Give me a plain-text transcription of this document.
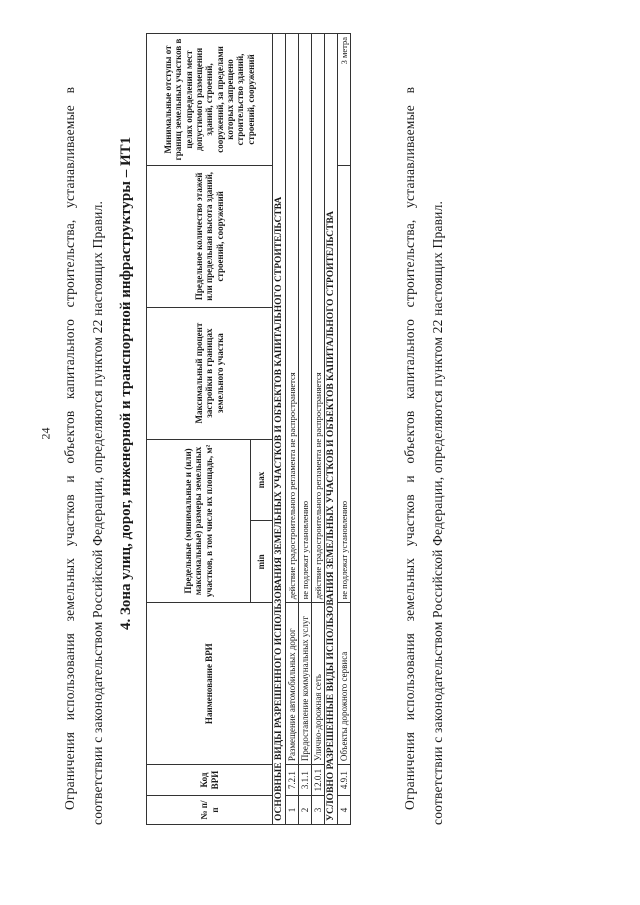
24 Ограничения использования земельных участков и объектов капитального строительства, устанавливаемые в соответствии с законодательством Российской Федерации, определяются пунктом 22 настоящих Правил. 4. Зона улиц, дорог, инженерной и транспортной инфраструктуры – ИТ1
№ п/п	Код ВРИ	Наименование ВРИ	Предельные (минимальные и (или) максимальные) размеры земельных участков, в том числе их площадь, м²		Максимальный процент застройки в границах земельного участка	Предельное количество этажей или предельная высота зданий, строений, сооружений	Минимальные отступы от границ земельных участков в целях определения мест допустимого размещения зданий, строений, сооружений, за пределами которых запрещено строительство зданий, строений, сооружений
			min	max			
ОСНОВНЫЕ ВИДЫ РАЗРЕШЕННОГО ИСПОЛЬЗОВАНИЯ ЗЕМЕЛЬНЫХ УЧАСТКОВ И ОБЪЕКТОВ КАПИТАЛЬНОГО СТРОИТЕЛЬСТВА							
1	7.2.1	Размещение автомобильных дорог	действие градостроительного регламента не распространяется				
2	3.1.1	Предоставление коммунальных услуг	не подлежат установлению				
3	12.0.1	Улично-дорожная сеть	действие градостроительного регламента не распространяется				
УСЛОВНО РАЗРЕШЕННЫЕ ВИДЫ ИСПОЛЬЗОВАНИЯ ЗЕМЕЛЬНЫХ УЧАСТКОВ И ОБЪЕКТОВ КАПИТАЛЬНОГО СТРОИТЕЛЬСТВА							
4	4.9.1	Объекты дорожного сервиса	не подлежат установлению				3 метра
Ограничения использования земельных участков и объектов капитального строительства, устанавливаемые в соответствии с законодательством Российской Федерации, определяются пунктом 22 настоящих Правил.
